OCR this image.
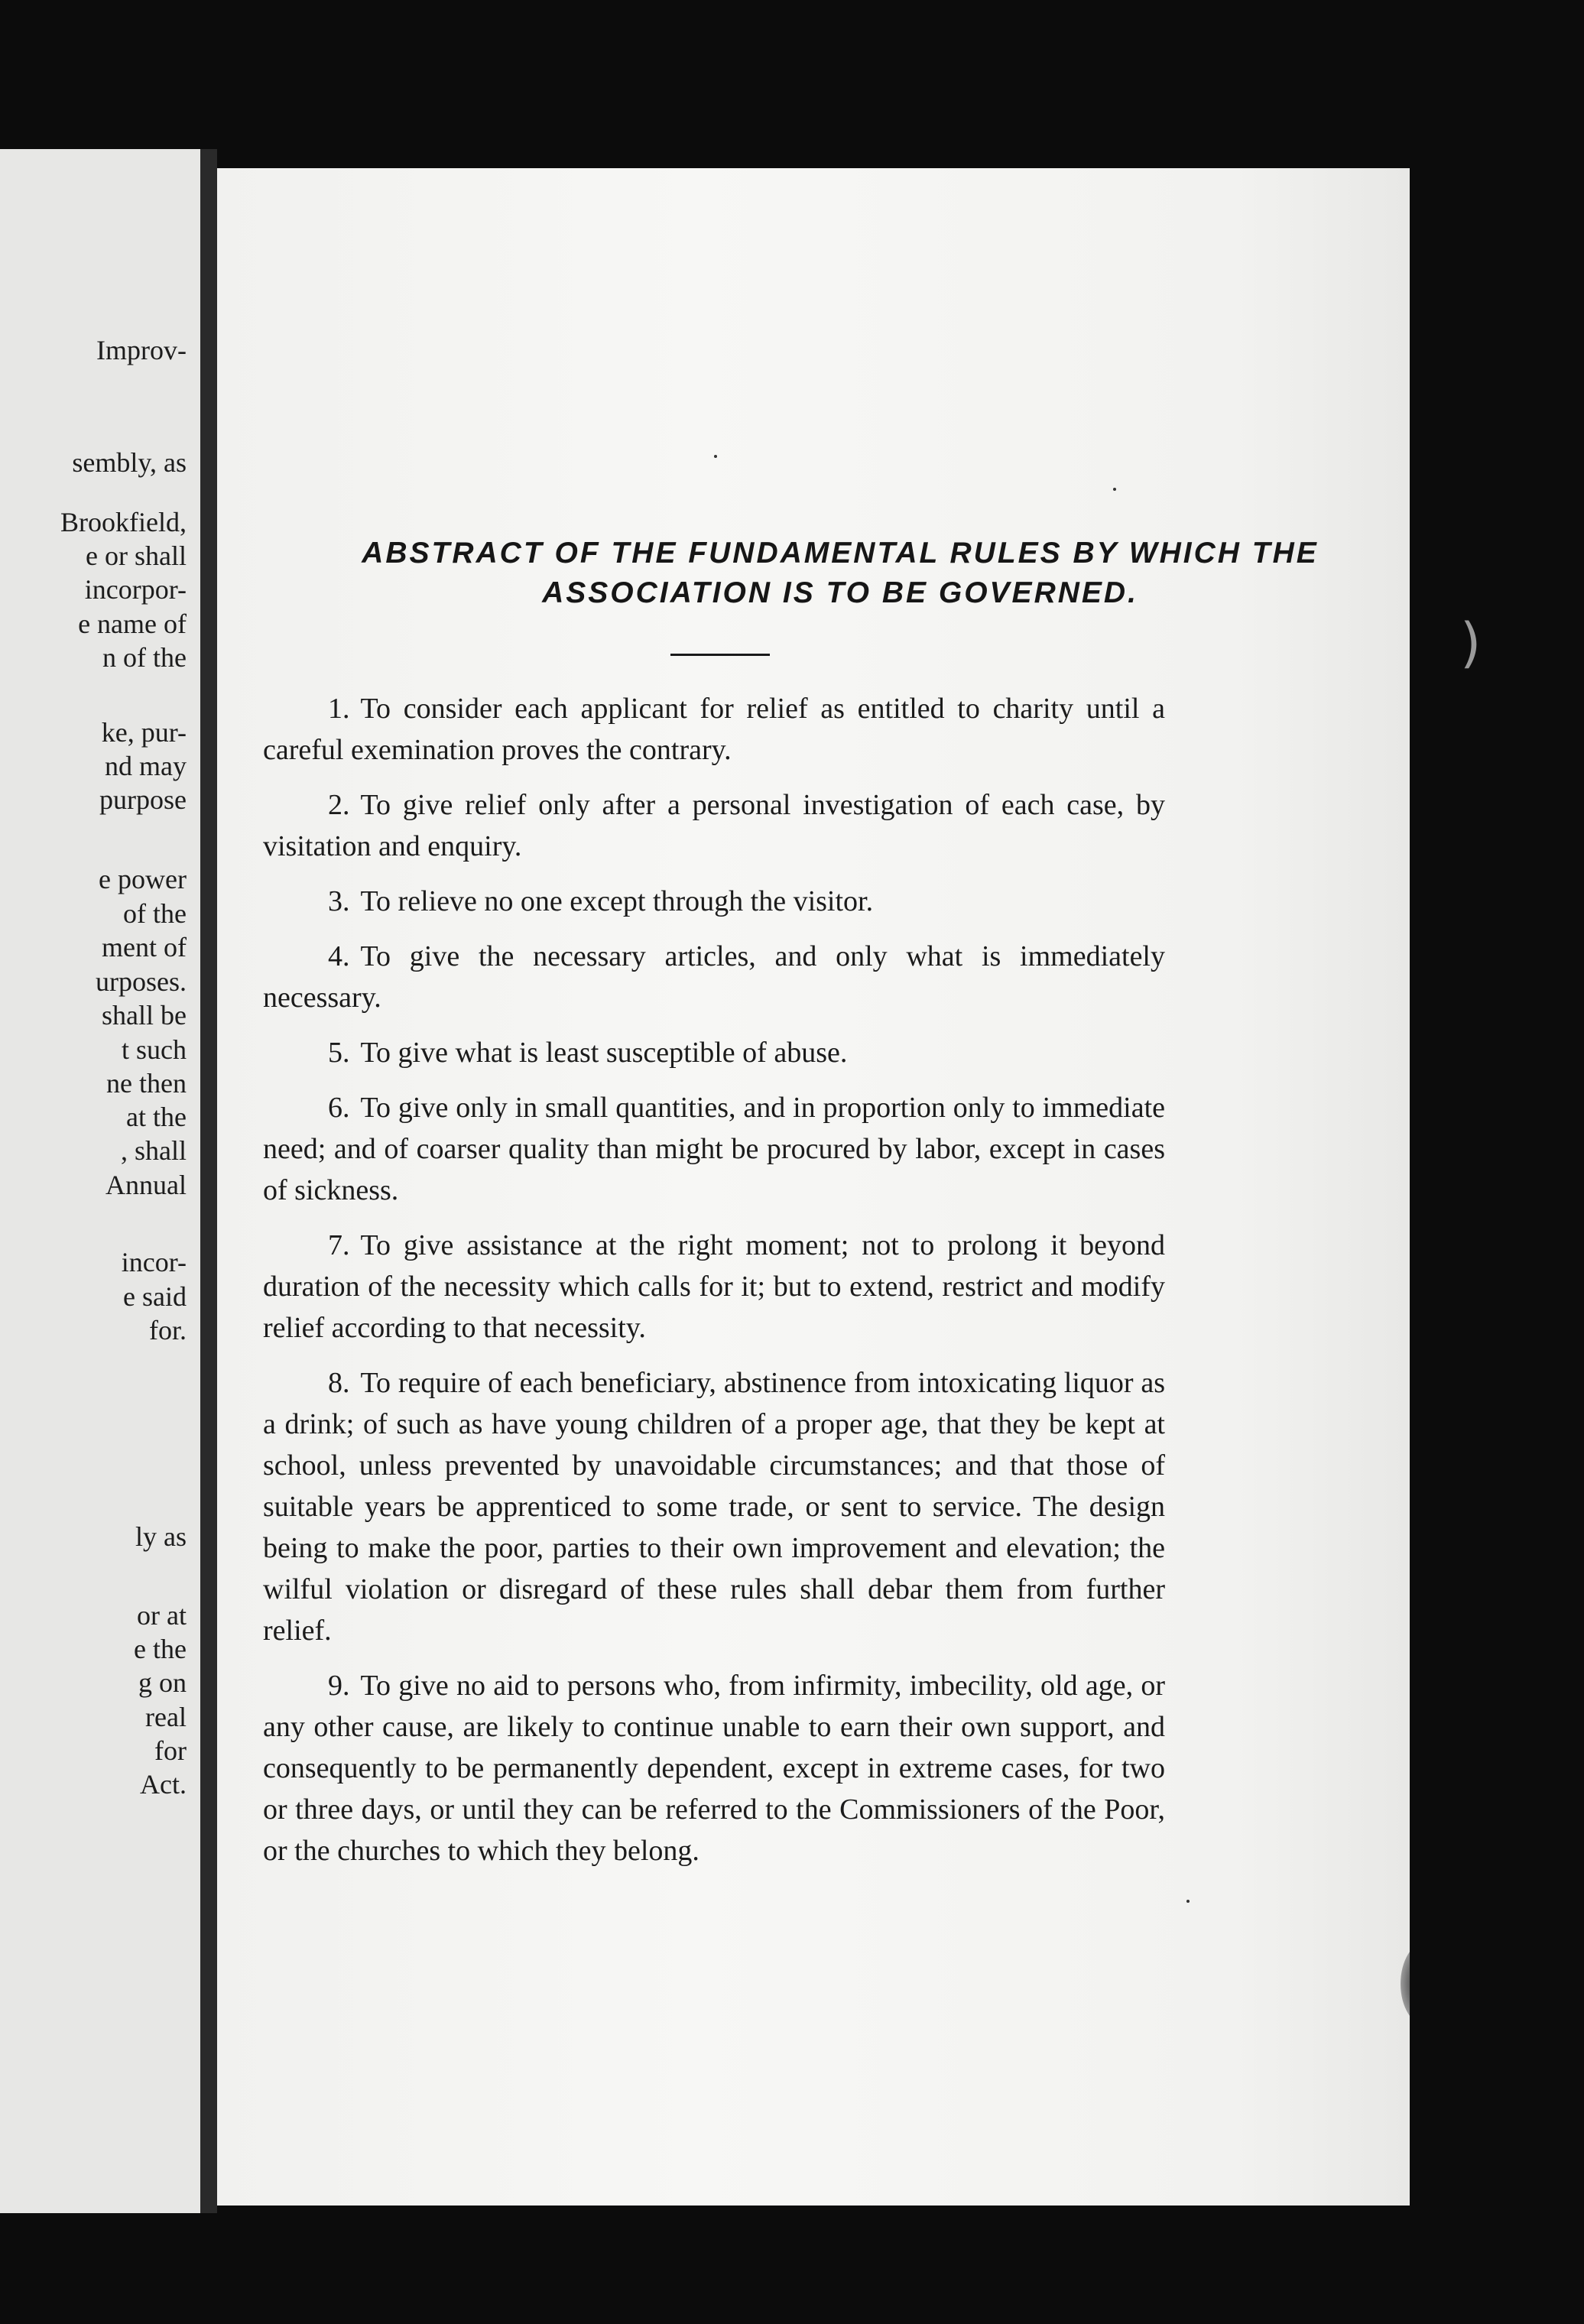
Improv-
sembly, as
Brookfield,
e or shall
incorpor-
e name of
n of the
ke, pur-
nd may
purpose
e power
of the
ment of
urposes.
shall be
t such
ne then
at the
, shall
Annual
incor-
e said
for.
ly as
or at
e the
g on
real
for
Act.
ABSTRACT OF THE FUNDAMENTAL RULES BY WHICH THE
ASSOCIATION IS TO BE GOVERNED.

1. To consider each applicant for relief as entitled to charity until a careful exemination proves the contrary.

2. To give relief only after a personal investigation of each case, by visitation and enquiry.

3. To relieve no one except through the visitor.

4. To give the necessary articles, and only what is immediately necessary.

5. To give what is least susceptible of abuse.

6. To give only in small quantities, and in proportion only to immediate need; and of coarser quality than might be procured by labor, except in cases of sickness.

7. To give assistance at the right moment; not to prolong it beyond duration of the necessity which calls for it; but to extend, restrict and modify relief according to that necessity.

8. To require of each beneficiary, abstinence from intoxicating liquor as a drink; of such as have young children of a proper age, that they be kept at school, unless prevented by unavoidable circumstances; and that those of suitable years be apprenticed to some trade, or sent to service. The design being to make the poor, parties to their own improvement and elevation; the wilful violation or disregard of these rules shall debar them from further relief.

9. To give no aid to persons who, from infirmity, imbecility, old age, or any other cause, are likely to continue unable to earn their own support, and consequently to be permanently dependent, except in extreme cases, for two or three days, or until they can be referred to the Commissioners of the Poor, or the churches to which they belong.

)
